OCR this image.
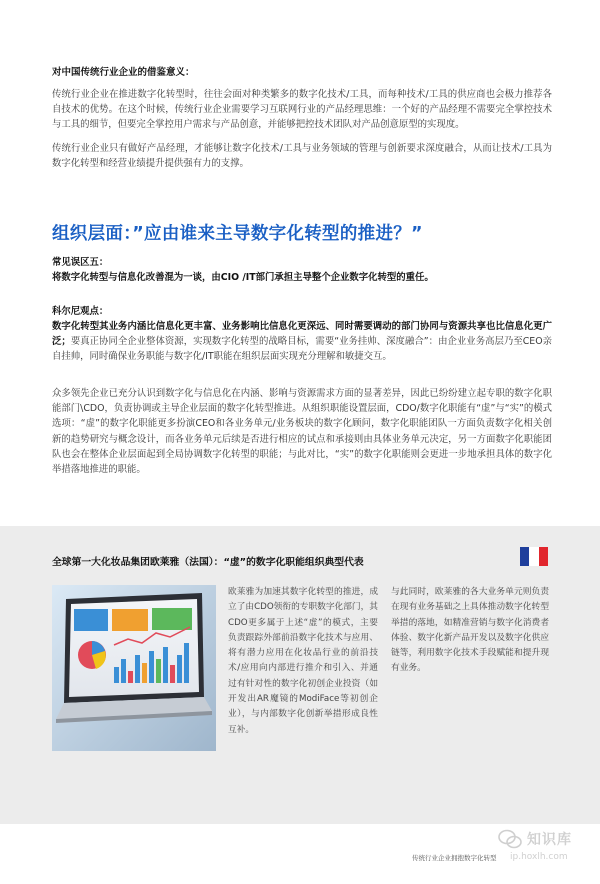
对中国传统行业企业的借鉴意义：

传统行业企业在推进数字化转型时，往往会面对种类繁多的数字化技术/工具，而每种技术/工具的供应商也会极力推荐各自技术的优势。在这个时候，传统行业企业需要学习互联网行业的产品经理思维：一个好的产品经理不需要完全掌控技术与工具的细节，但要完全掌控用户需求与产品创意，并能够把控技术团队对产品创意原型的实现度。

传统行业企业只有做好产品经理，才能够让数字化技术/工具与业务领域的管理与创新要求深度融合，从而让技术/工具为数字化转型和经营业绩提升提供强有力的支撑。

组织层面：”应由谁来主导数字化转型的推进？”
常见误区五：
将数字化转型与信息化改善混为一谈，由CIO /IT部门承担主导整个企业数字化转型的重任。
科尔尼观点：

数字化转型其业务内涵比信息化更丰富、业务影响比信息化更深远、同时需要调动的部门协同与资源共享也比信息化更广泛；要真正协同全企业整体资源，实现数字化转型的战略目标，需要“业务挂帅、深度融合”：由企业业务高层乃至CEO亲自挂帅，同时确保业务职能与数字化/IT职能在组织层面实现充分理解和敏捷交互。

众多领先企业已充分认识到数字化与信息化在内涵、影响与资源需求方面的显著差异，因此已纷纷建立起专职的数字化职能部门\CDO，负责协调或主导企业层面的数字化转型推进。从组织职能设置层面，CDO/数字化职能有“虚”与“实”的模式选项：“虚”的数字化职能更多扮演CEO和各业务单元/业务板块的数字化顾问，数字化职能团队一方面负责数字化相关创新的趋势研究与概念设计，而各业务单元后续是否进行相应的试点和承接则由具体业务单元决定，另一方面数字化职能团队也会在整体企业层面起到全局协调数字化转型的职能；与此对比，“实”的数字化职能则会更进一步地承担具体的数字化举措落地推进的职能。

全球第一大化妆品集团欧莱雅（法国）：“虚”的数字化职能组织典型代表
欧莱雅为加速其数字化转型的推进，成立了由CDO领衔的专职数字化部门，其CDO更多属于上述“虚”的模式，主要负责跟踪外部前沿数字化技术与应用、将有潜力应用在化妆品行业的前沿技术/应用向内部进行推介和引入、并通过有针对性的数字化初创企业投资（如开发出AR魔镜的ModiFace等初创企业），与内部数字化创新举措形成良性互补。
与此同时，欧莱雅的各大业务单元则负责在现有业务基础之上具体推动数字化转型举措的落地，如精准营销与数字化消费者体验、数字化新产品开发以及数字化供应链等，利用数字化技术手段赋能和提升现有业务。
知识库
传统行业企业拥抱数字化转型 ip.hoxlh.com
